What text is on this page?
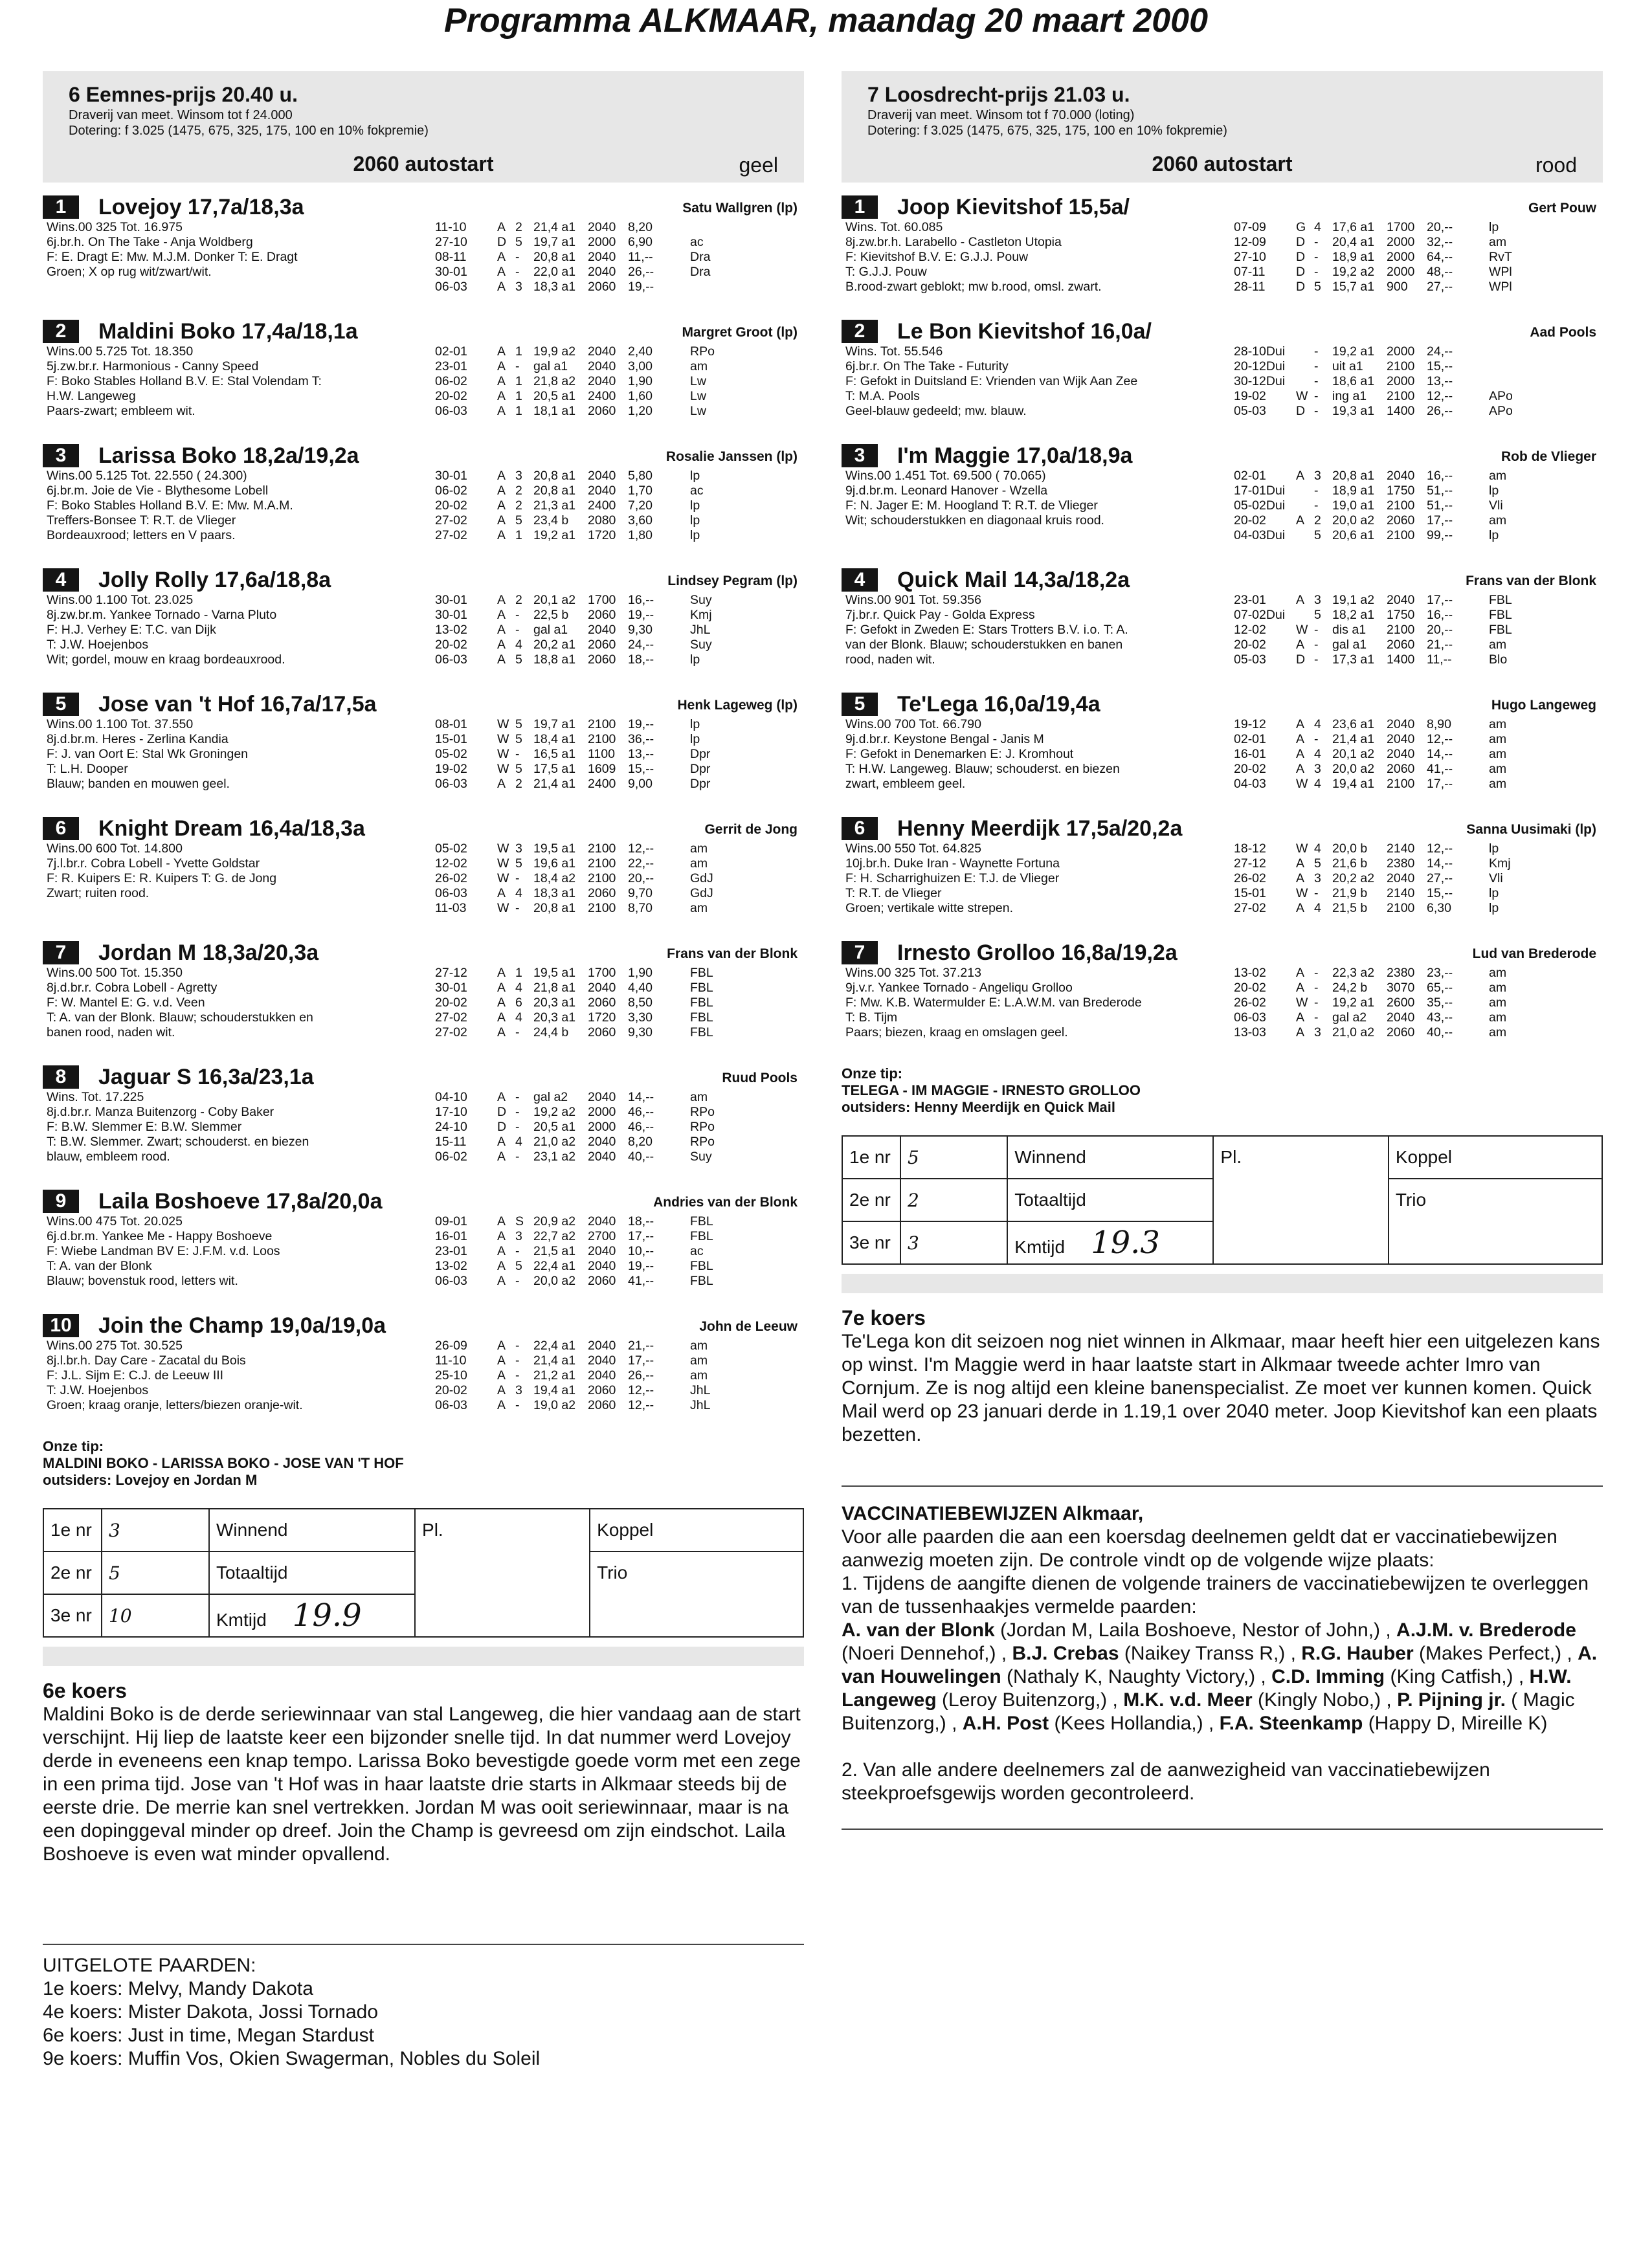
Programma ALKMAAR, maandag 20 maart 2000
6 Eemnes-prijs 20.40 u.
Draverij van meet. Winsom tot f 24.000
Dotering: f 3.025 (1475, 675, 325, 175, 100 en 10% fokpremie)
2060 autostart	geel
1	Lovejoy 17,7a/18,3a	Satu Wallgren (lp)
Wins.00 325 Tot. 16.975
6j.br.h. On The Take - Anja Woldberg
F: E. Dragt E: Mw. M.J.M. Donker T: E. Dragt
Groen; X op rug wit/zwart/wit.
11-10 A 2 21,4 a1 2040 8,20
27-10 D 5 19,7 a1 2000 6,90	ac
08-11 A - 20,8 a1 2040 11,--	Dra
30-01 A - 22,0 a1 2040 26,--	Dra
06-03 A 3 18,3 a1 2060 19,--
2	Maldini Boko 17,4a/18,1a	Margret Groot (lp)
Wins.00 5.725 Tot. 18.350
5j.zw.br.r. Harmonious - Canny Speed
F: Boko Stables Holland B.V. E: Stal Volendam T:
H.W. Langeweg
Paars-zwart; embleem wit.
02-01 A 1 19,9 a2 2040 2,40	RPo
23-01 A - gal a1 2040 3,00	am
06-02 A 1 21,8 a2 2040 1,90	Lw
20-02 A 1 20,5 a1 2400 1,60	Lw
06-03 A 1 18,1 a1 2060 1,20	Lw
3	Larissa Boko 18,2a/19,2a	Rosalie Janssen (lp)
Wins.00 5.125 Tot. 22.550 ( 24.300)
6j.br.m. Joie de Vie - Blythesome Lobell
F: Boko Stables Holland B.V. E: Mw. M.A.M.
Treffers-Bonsee T: R.T. de Vlieger
Bordeauxrood; letters en V paars.
30-01 A 3 20,8 a1 2040 5,80	lp
06-02 A 2 20,8 a1 2040 1,70	ac
20-02 A 2 21,3 a1 2400 7,20	lp
27-02 A 5 23,4 b 2080 3,60	lp
27-02 A 1 19,2 a1 1720 1,80	lp
4	Jolly Rolly 17,6a/18,8a	Lindsey Pegram (lp)
Wins.00 1.100 Tot. 23.025
8j.zw.br.m. Yankee Tornado - Varna Pluto
F: H.J. Verhey E: T.C. van Dijk
T: J.W. Hoejenbos
Wit; gordel, mouw en kraag bordeauxrood.
30-01 A 2 20,1 a2 1700 16,--	Suy
30-01 A - 22,5 b 2060 19,--	Kmj
13-02 A - gal a1 2040 9,30	JhL
20-02 A 4 20,2 a1 2060 24,--	Suy
06-03 A 5 18,8 a1 2060 18,--	lp
5	Jose van 't Hof 16,7a/17,5a	Henk Lageweg (lp)
Wins.00 1.100 Tot. 37.550
8j.d.br.m. Heres - Zerlina Kandia
F: J. van Oort E: Stal Wk Groningen
T: L.H. Dooper
Blauw; banden en mouwen geel.
08-01 W 5 19,7 a1 2100 19,--	lp
15-01 W 5 18,4 a1 2100 36,--	lp
05-02 W - 16,5 a1 1100 13,--	Dpr
19-02 W 5 17,5 a1 1609 15,--	Dpr
06-03 A 2 21,4 a1 2400 9,00	Dpr
6	Knight Dream 16,4a/18,3a	Gerrit de Jong
Wins.00 600 Tot. 14.800
7j.l.br.r. Cobra Lobell - Yvette Goldstar
F: R. Kuipers E: R. Kuipers T: G. de Jong
Zwart; ruiten rood.
05-02 W 3 19,5 a1 2100 12,--	am
12-02 W 5 19,6 a1 2100 22,--	am
26-02 W - 18,4 a2 2100 20,--	GdJ
06-03 A 4 18,3 a1 2060 9,70	GdJ
11-03 W - 20,8 a1 2100 8,70	am
7	Jordan M 18,3a/20,3a	Frans van der Blonk
Wins.00 500 Tot. 15.350
8j.d.br.r. Cobra Lobell - Agretty
F: W. Mantel E: G. v.d. Veen
T: A. van der Blonk. Blauw; schouderstukken en
banen rood, naden wit.
27-12 A 1 19,5 a1 1700 1,90	FBL
30-01 A 4 21,8 a1 2040 4,40	FBL
20-02 A 6 20,3 a1 2060 8,50	FBL
27-02 A 4 20,3 a1 1720 3,30	FBL
27-02 A - 24,4 b 2060 9,30	FBL
8	Jaguar S 16,3a/23,1a	Ruud Pools
Wins. Tot. 17.225
8j.d.br.r. Manza Buitenzorg - Coby Baker
F: B.W. Slemmer E: B.W. Slemmer
T: B.W. Slemmer. Zwart; schouderst. en biezen
blauw, embleem rood.
04-10 A - gal a2 2040 14,--	am
17-10 D - 19,2 a2 2000 46,--	RPo
24-10 D - 20,5 a1 2000 46,--	RPo
15-11 A 4 21,0 a2 2040 8,20	RPo
06-02 A - 23,1 a2 2040 40,--	Suy
9	Laila Boshoeve 17,8a/20,0a	Andries van der Blonk
Wins.00 475 Tot. 20.025
6j.d.br.m. Yankee Me - Happy Boshoeve
F: Wiebe Landman BV E: J.F.M. v.d. Loos
T: A. van der Blonk
Blauw; bovenstuk rood, letters wit.
09-01 A S 20,9 a2 2040 18,--	FBL
16-01 A 3 22,7 a2 2700 17,--	FBL
23-01 A - 21,5 a1 2040 10,--	ac
13-02 A 5 22,4 a1 2040 19,--	FBL
06-03 A - 20,0 a2 2060 41,--	FBL
10	Join the Champ 19,0a/19,0a	John de Leeuw
Wins.00 275 Tot. 30.525
8j.l.br.h. Day Care - Zacatal du Bois
F: J.L. Sijm E: C.J. de Leeuw III
T: J.W. Hoejenbos
Groen; kraag oranje, letters/biezen oranje-wit.
26-09 A - 22,4 a1 2040 21,--	am
11-10 A - 21,4 a1 2040 17,--	am
25-10 A - 21,2 a1 2040 26,--	am
20-02 A 3 19,4 a1 2060 12,--	JhL
06-03 A - 19,0 a2 2060 12,--	JhL
Onze tip:
MALDINI BOKO - LARISSA BOKO - JOSE VAN 'T HOF
outsiders: Lovejoy en Jordan M
1e nr	3	Winnend	Pl.	Koppel
2e nr	5	Totaaltijd		Trio
3e nr	10	Kmtijd 19.9		
6e koers
Maldini Boko is de derde seriewinnaar van stal Langeweg, die hier vandaag aan de start verschijnt. Hij liep de laatste keer een bijzonder snelle tijd. In dat nummer werd Lovejoy derde in eveneens een knap tempo. Larissa Boko bevestigde goede vorm met een zege in een prima tijd. Jose van 't Hof was in haar laatste drie starts in Alkmaar steeds bij de eerste drie. De merrie kan snel vertrekken. Jordan M was ooit seriewinnaar, maar is na een dopinggeval minder op dreef. Join the Champ is gevreesd om zijn eindschot. Laila Boshoeve is even wat minder opvallend.
UITGELOTE PAARDEN:
1e koers: Melvy, Mandy Dakota
4e koers: Mister Dakota, Jossi Tornado
6e koers: Just in time, Megan Stardust
9e koers: Muffin Vos, Okien Swagerman, Nobles du Soleil
7 Loosdrecht-prijs 21.03 u.
Draverij van meet. Winsom tot f 70.000 (loting)
Dotering: f 3.025 (1475, 675, 325, 175, 100 en 10% fokpremie)
2060 autostart	rood
1	Joop Kievitshof 15,5a/	Gert Pouw
Wins. Tot. 60.085
8j.zw.br.h. Larabello - Castleton Utopia
F: Kievitshof B.V. E: G.J.J. Pouw
T: G.J.J. Pouw
B.rood-zwart geblokt; mw b.rood, omsl. zwart.
07-09 G 4 17,6 a1 1700 20,--	lp
12-09 D - 20,4 a1 2000 32,--	am
27-10 D - 18,9 a1 2000 64,--	RvT
07-11 D - 19,2 a2 2000 48,--	WPl
28-11 D 5 15,7 a1 900 27,--	WPl
2	Le Bon Kievitshof 16,0a/	Aad Pools
Wins. Tot. 55.546
6j.br.r. On The Take - Futurity
F: Gefokt in Duitsland E: Vrienden van Wijk Aan Zee
T: M.A. Pools
Geel-blauw gedeeld; mw. blauw.
28-10Dui - 19,2 a1 2000 24,--
20-12Dui - uit a1 2100 15,--
30-12Dui - 18,6 a1 2000 13,--
19-02 W - ing a1 2100 12,--	APo
05-03 D - 19,3 a1 1400 26,--	APo
3	I'm Maggie 17,0a/18,9a	Rob de Vlieger
Wins.00 1.451 Tot. 69.500 ( 70.065)
9j.d.br.m. Leonard Hanover - Wzella
F: N. Jager E: M. Hoogland T: R.T. de Vlieger
Wit; schouderstukken en diagonaal kruis rood.
02-01 A 3 20,8 a1 2040 16,--	am
17-01Dui - 18,9 a1 1750 51,--	lp
05-02Dui - 19,0 a1 2100 51,--	Vli
20-02 A 2 20,0 a2 2060 17,--	am
04-03Dui 5 20,6 a1 2100 99,--	lp
4	Quick Mail 14,3a/18,2a	Frans van der Blonk
Wins.00 901 Tot. 59.356
7j.br.r. Quick Pay - Golda Express
F: Gefokt in Zweden E: Stars Trotters B.V. i.o. T: A.
van der Blonk. Blauw; schouderstukken en banen
rood, naden wit.
23-01 A 3 19,1 a2 2040 17,--	FBL
07-02Dui 5 18,2 a1 1750 16,--	FBL
12-02 W - dis a1 2100 20,--	FBL
20-02 A - gal a1 2060 21,--	am
05-03 D - 17,3 a1 1400 11,--	Blo
5	Te'Lega 16,0a/19,4a	Hugo Langeweg
Wins.00 700 Tot. 66.790
9j.d.br.r. Keystone Bengal - Janis M
F: Gefokt in Denemarken E: J. Kromhout
T: H.W. Langeweg. Blauw; schouderst. en biezen
zwart, embleem geel.
19-12 A 4 23,6 a1 2040 8,90	am
02-01 A - 21,4 a1 2040 12,--	am
16-01 A 4 20,1 a2 2040 14,--	am
20-02 A 3 20,0 a2 2060 41,--	am
04-03 W 4 19,4 a1 2100 17,--	am
6	Henny Meerdijk 17,5a/20,2a	Sanna Uusimaki (lp)
Wins.00 550 Tot. 64.825
10j.br.h. Duke Iran - Waynette Fortuna
F: H. Scharrighuizen E: T.J. de Vlieger
T: R.T. de Vlieger
Groen; vertikale witte strepen.
18-12 W 4 20,0 b 2140 12,--	lp
27-12 A 5 21,6 b 2380 14,--	Kmj
26-02 A 3 20,2 a2 2040 27,--	Vli
15-01 W - 21,9 b 2140 15,--	lp
27-02 A 4 21,5 b 2100 6,30	lp
7	Irnesto Grolloo 16,8a/19,2a	Lud van Brederode
Wins.00 325 Tot. 37.213
9j.v.r. Yankee Tornado - Angeliqu Grolloo
F: Mw. K.B. Watermulder E: L.A.W.M. van Brederode
T: B. Tijm
Paars; biezen, kraag en omslagen geel.
13-02 A - 22,3 a2 2380 23,--	am
20-02 A - 24,2 b 3070 65,--	am
26-02 W - 19,2 a1 2600 35,--	am
06-03 A - gal a2 2040 43,--	am
13-03 A 3 21,0 a2 2060 40,--	am
Onze tip:
TELEGA - IM MAGGIE - IRNESTO GROLLOO
outsiders: Henny Meerdijk en Quick Mail
1e nr	5	Winnend	Pl.	Koppel
2e nr	2	Totaaltijd		Trio
3e nr	3	Kmtijd 19.3		
7e koers
Te'Lega kon dit seizoen nog niet winnen in Alkmaar, maar heeft hier een uitgelezen kans op winst. I'm Maggie werd in haar laatste start in Alkmaar tweede achter Imro van Cornjum. Ze is nog altijd een kleine banenspecialist. Ze moet ver kunnen komen. Quick Mail werd op 23 januari derde in 1.19,1 over 2040 meter. Joop Kievitshof kan een plaats bezetten.
VACCINATIEBEWIJZEN Alkmaar,
Voor alle paarden die aan een koersdag deelnemen geldt dat er vaccinatiebewijzen aanwezig moeten zijn. De controle vindt op de volgende wijze plaats:
1. Tijdens de aangifte dienen de volgende trainers de vaccinatiebewijzen te overleggen van de tussenhaakjes vermelde paarden:
A. van der Blonk (Jordan M, Laila Boshoeve, Nestor of John,) , A.J.M. v. Brederode (Noeri Dennehof,) , B.J. Crebas (Naikey Transs R,) , R.G. Hauber (Makes Perfect,) , A. van Houwelingen (Nathaly K, Naughty Victory,) , C.D. Imming (King Catfish,) , H.W. Langeweg (Leroy Buitenzorg,) , M.K. v.d. Meer (Kingly Nobo,) , P. Pijning jr. ( Magic Buitenzorg,) , A.H. Post (Kees Hollandia,) , F.A. Steenkamp (Happy D, Mireille K)
2. Van alle andere deelnemers zal de aanwezigheid van vaccinatiebewijzen steekproefsgewijs worden gecontroleerd.
